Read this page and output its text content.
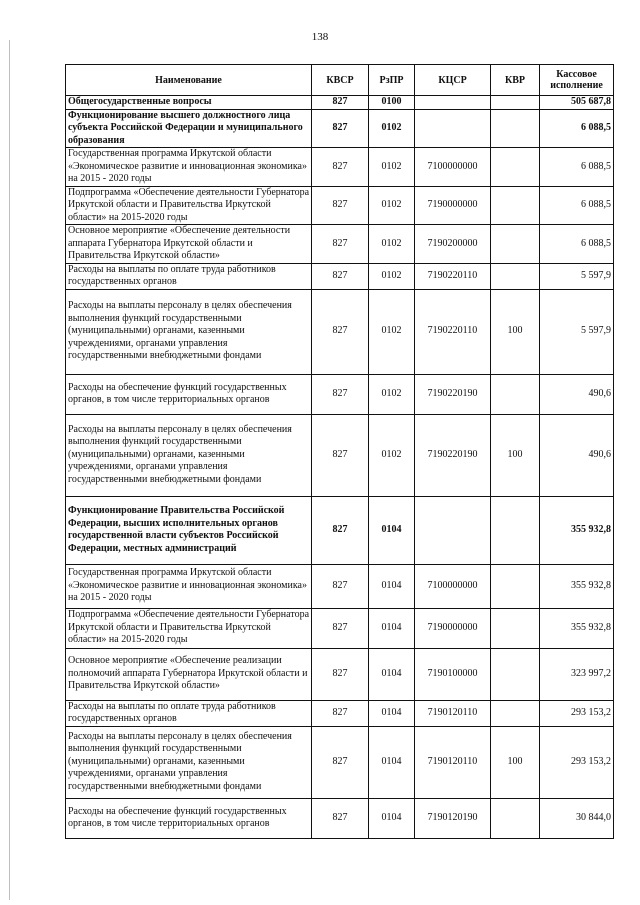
138
Наименование	КВСР	РзПР	КЦСР	КВР	Кассовое исполнение
Общегосударственные вопросы	827	0100			505 687,8
Функционирование высшего должностного лица субъекта Российской Федерации и муниципального образования	827	0102			6 088,5
Государственная программа Иркутской области «Экономическое развитие и инновационная экономика» на 2015 - 2020 годы	827	0102	7100000000		6 088,5
Подпрограмма «Обеспечение деятельности Губернатора Иркутской области и Правительства Иркутской области» на 2015-2020 годы	827	0102	7190000000		6 088,5
Основное мероприятие «Обеспечение деятельности аппарата Губернатора Иркутской области и Правительства Иркутской области»	827	0102	7190200000		6 088,5
Расходы на выплаты по оплате труда работников государственных органов	827	0102	7190220110		5 597,9
Расходы на выплаты персоналу в целях обеспечения выполнения функций государственными (муниципальными) органами, казенными учреждениями, органами управления государственными внебюджетными фондами	827	0102	7190220110	100	5 597,9
Расходы на обеспечение функций государственных органов, в том числе территориальных органов	827	0102	7190220190		490,6
Расходы на выплаты персоналу в целях обеспечения выполнения функций государственными (муниципальными) органами, казенными учреждениями, органами управления государственными внебюджетными фондами	827	0102	7190220190	100	490,6
Функционирование Правительства Российской Федерации, высших исполнительных органов государственной власти субъектов Российской Федерации, местных администраций	827	0104			355 932,8
Государственная программа Иркутской области «Экономическое развитие и инновационная экономика» на 2015 - 2020 годы	827	0104	7100000000		355 932,8
Подпрограмма «Обеспечение деятельности Губернатора Иркутской области и Правительства Иркутской области» на 2015-2020 годы	827	0104	7190000000		355 932,8
Основное мероприятие «Обеспечение реализации полномочий аппарата Губернатора Иркутской области и Правительства Иркутской области»	827	0104	7190100000		323 997,2
Расходы на выплаты по оплате труда работников государственных органов	827	0104	7190120110		293 153,2
Расходы на выплаты персоналу в целях обеспечения выполнения функций государственными (муниципальными) органами, казенными учреждениями, органами управления государственными внебюджетными фондами	827	0104	7190120110	100	293 153,2
Расходы на обеспечение функций государственных органов, в том числе территориальных органов	827	0104	7190120190		30 844,0
